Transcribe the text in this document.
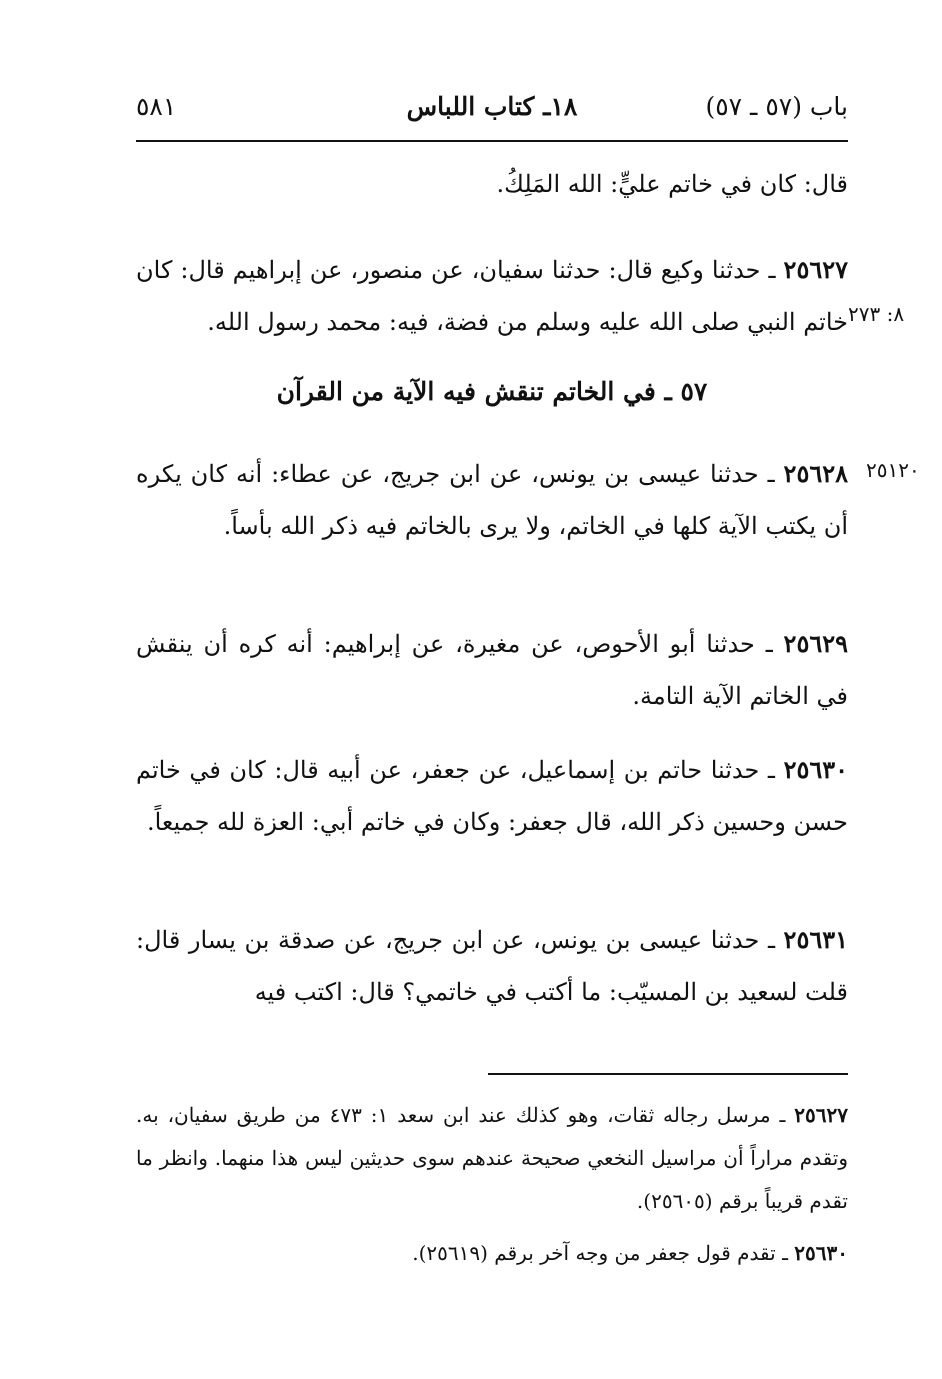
باب (٥٧ ـ ٥٧)
١٨ـ كتاب اللباس
٥٨١

قال: كان في خاتم عليٍّ: الله المَلِكُ.

٢٥٦٢٧ ـ حدثنا وكيع قال: حدثنا سفيان، عن منصور، عن إبراهيم قال: كان خاتم النبي صلى الله عليه وسلم من فضة، فيه: محمد رسول الله. ٨: ٢٧٣
٥٧ ـ في الخاتم تنقش فيه الآية من القرآن

٢٥٦٢٨ ـ حدثنا عيسى بن يونس، عن ابن جريج، عن عطاء: أنه كان يكره أن يكتب الآية كلها في الخاتم، ولا يرى بالخاتم فيه ذكر الله بأساً.

٢٥١٢٠

٢٥٦٢٩ ـ حدثنا أبو الأحوص، عن مغيرة، عن إبراهيم: أنه كره أن ينقش في الخاتم الآية التامة.

٢٥٦٣٠ ـ حدثنا حاتم بن إسماعيل، عن جعفر، عن أبيه قال: كان في خاتم حسن وحسين ذكر الله، قال جعفر: وكان في خاتم أبي: العزة لله جميعاً.

٢٥٦٣١ ـ حدثنا عيسى بن يونس، عن ابن جريج، عن صدقة بن يسار قال: قلت لسعيد بن المسيّب: ما أكتب في خاتمي؟ قال: اكتب فيه

٢٥٦٢٧ ـ مرسل رجاله ثقات، وهو كذلك عند ابن سعد ١: ٤٧٣ من طريق سفيان، به. وتقدم مراراً أن مراسيل النخعي صحيحة عندهم سوى حديثين ليس هذا منهما. وانظر ما تقدم قريباً برقم (٢٥٦٠٥).

٢٥٦٣٠ ـ تقدم قول جعفر من وجه آخر برقم (٢٥٦١٩).
